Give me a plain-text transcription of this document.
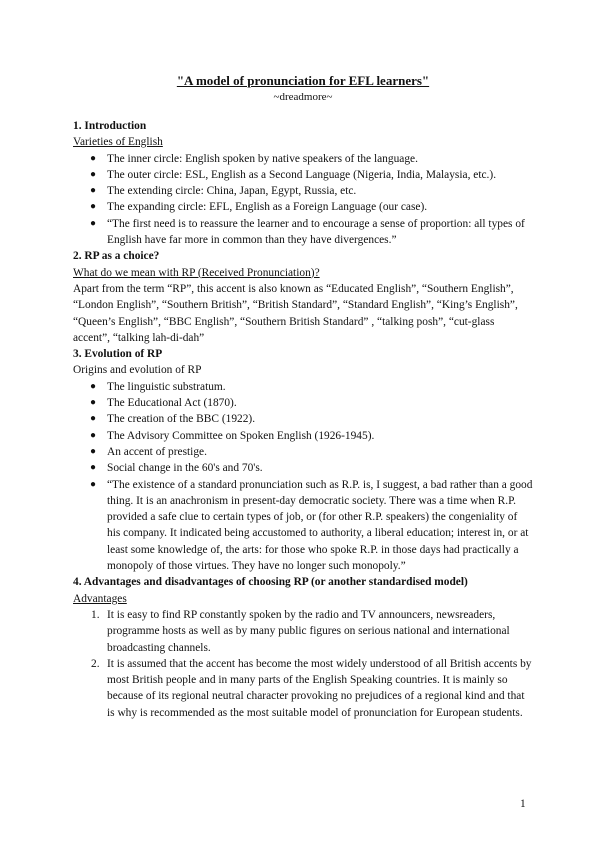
"A model of pronunciation for EFL learners"
~dreadmore~
1. Introduction
Varieties of English
● The inner circle: English spoken by native speakers of the language.
● The outer circle: ESL, English as a Second Language (Nigeria, India, Malaysia, etc.).
● The extending circle: China, Japan, Egypt, Russia, etc.
● The expanding circle: EFL, English as a Foreign Language (our case).
● “The first need is to reassure the learner and to encourage a sense of proportion: all types of English have far more in common than they have divergences.”
2. RP as a choice?
What do we mean with RP (Received Pronunciation)?
Apart from the term “RP”, this accent is also known as “Educated English”, “Southern English”, “London English”, “Southern British”, “British Standard”, “Standard English”, “King’s English”, “Queen’s English”, “BBC English”, “Southern British Standard” , “talking posh”, “cut-glass accent”, “talking lah-di-dah”
3. Evolution of RP
Origins and evolution of RP
● The linguistic substratum.
● The Educational Act (1870).
● The creation of the BBC (1922).
● The Advisory Committee on Spoken English (1926-1945).
● An accent of prestige.
● Social change in the 60's and 70's.
● “The existence of a standard pronunciation such as R.P. is, I suggest, a bad rather than a good thing. It is an anachronism in present-day democratic society. There was a time when R.P. provided a safe clue to certain types of job, or (for other R.P. speakers) the congeniality of his company. It indicated being accustomed to authority, a liberal education; interest in, or at least some knowledge of, the arts: for those who spoke R.P. in those days had practically a monopoly of those virtues. They have no longer such monopoly.”
4. Advantages and disadvantages of choosing RP (or another standardised model)
Advantages
1. It is easy to find RP constantly spoken by the radio and TV announcers, newsreaders, programme hosts as well as by many public figures on serious national and international broadcasting channels.
2. It is assumed that the accent has become the most widely understood of all British accents by most British people and in many parts of the English Speaking countries. It is mainly so because of its regional neutral character provoking no prejudices of a regional kind and that is why is recommended as the most suitable model of pronunciation for European students.
1
